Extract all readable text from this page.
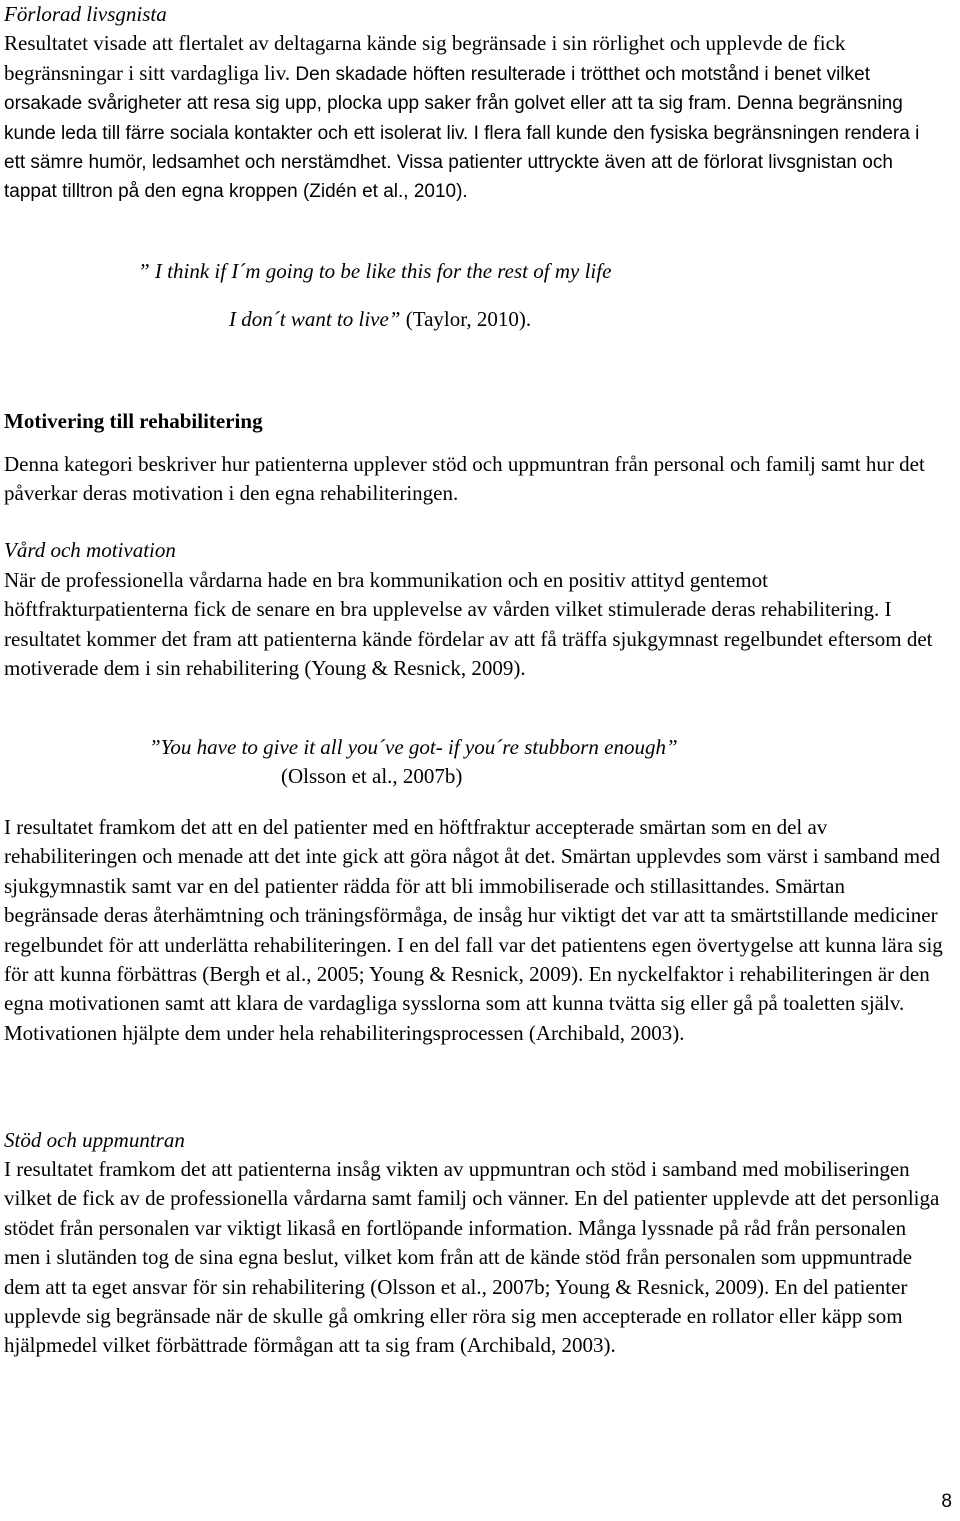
Förlorad livsgnista

Resultatet visade att flertalet av deltagarna kände sig begränsade i sin rörlighet och upplevde de fick begränsningar i sitt vardagliga liv. Den skadade höften resulterade i trötthet och motstånd i benet vilket orsakade svårigheter att resa sig upp, plocka upp saker från golvet eller att ta sig fram. Denna begränsning kunde leda till färre sociala kontakter och ett isolerat liv. I flera fall kunde den fysiska begränsningen rendera i ett sämre humör, ledsamhet och nerstämdhet. Vissa patienter uttryckte även att de förlorat livsgnistan och tappat tilltron på den egna kroppen (Zidén et al., 2010).

” I think if I´m going to be like this for the rest of my life
I don´t want to live” (Taylor, 2010).
Motivering till rehabilitering

Denna kategori beskriver hur patienterna upplever stöd och uppmuntran från personal och familj samt hur det påverkar deras motivation i den egna rehabiliteringen.

Vård och motivation

När de professionella vårdarna hade en bra kommunikation och en positiv attityd gentemot höftfrakturpatienterna fick de senare en bra upplevelse av vården vilket stimulerade deras rehabilitering. I resultatet kommer det fram att patienterna kände fördelar av att få träffa sjukgymnast regelbundet eftersom det motiverade dem i sin rehabilitering (Young & Resnick, 2009).

”You have to give it all you´ve got- if you´re stubborn enough”
(Olsson et al., 2007b)

I resultatet framkom det att en del patienter med en höftfraktur accepterade smärtan som en del av rehabiliteringen och menade att det inte gick att göra något åt det. Smärtan upplevdes som värst i samband med sjukgymnastik samt var en del patienter rädda för att bli immobiliserade och stillasittandes. Smärtan begränsade deras återhämtning och träningsförmåga, de insåg hur viktigt det var att ta smärtstillande mediciner regelbundet för att underlätta rehabiliteringen. I en del fall var det patientens egen övertygelse att kunna lära sig för att kunna förbättras (Bergh et al., 2005; Young & Resnick, 2009). En nyckelfaktor i rehabiliteringen är den egna motivationen samt att klara de vardagliga sysslorna som att kunna tvätta sig eller gå på toaletten själv. Motivationen hjälpte dem under hela rehabiliteringsprocessen (Archibald, 2003).

Stöd och uppmuntran

I resultatet framkom det att patienterna insåg vikten av uppmuntran och stöd i samband med mobiliseringen vilket de fick av de professionella vårdarna samt familj och vänner. En del patienter upplevde att det personliga stödet från personalen var viktigt likaså en fortlöpande information. Många lyssnade på råd från personalen men i slutänden tog de sina egna beslut, vilket kom från att de kände stöd från personalen som uppmuntrade dem att ta eget ansvar för sin rehabilitering (Olsson et al., 2007b; Young & Resnick, 2009). En del patienter upplevde sig begränsade när de skulle gå omkring eller röra sig men accepterade en rollator eller käpp som hjälpmedel vilket förbättrade förmågan att ta sig fram (Archibald, 2003).

8
